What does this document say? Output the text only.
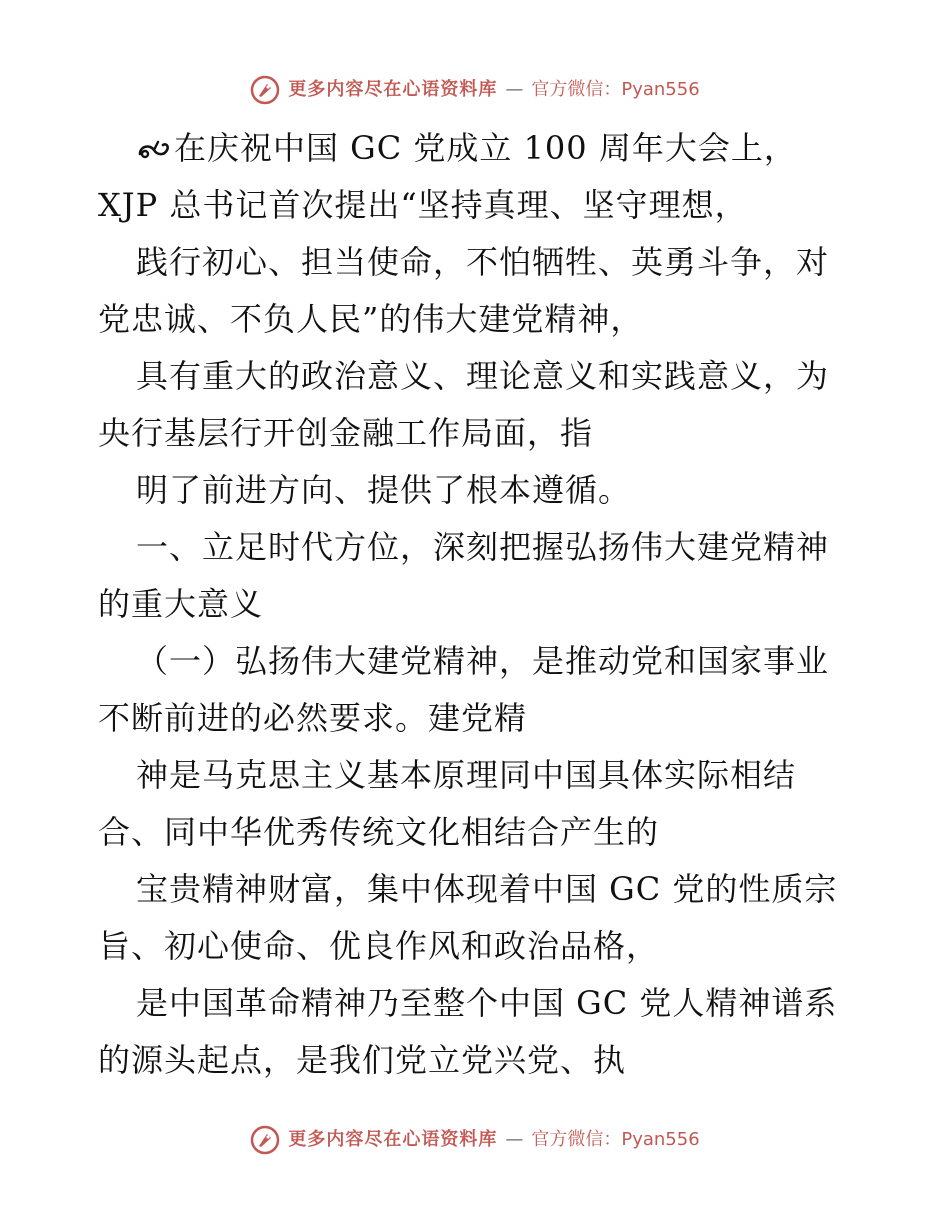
更多内容尽在心语资料库 — 官方微信：Pyan556
在庆祝中国 GC 党成立 100 周年大会上，
XJP 总书记首次提出“坚持真理、坚守理想，
践行初心、担当使命，不怕牺牲、英勇斗争，对
党忠诚、不负人民”的伟大建党精神，
具有重大的政治意义、理论意义和实践意义，为
央行基层行开创金融工作局面，指
明了前进方向、提供了根本遵循。
一、立足时代方位，深刻把握弘扬伟大建党精神
的重大意义
（一）弘扬伟大建党精神，是推动党和国家事业
不断前进的必然要求。建党精
神是马克思主义基本原理同中国具体实际相结
合、同中华优秀传统文化相结合产生的
宝贵精神财富，集中体现着中国 GC 党的性质宗
旨、初心使命、优良作风和政治品格，
是中国革命精神乃至整个中国 GC 党人精神谱系
的源头起点，是我们党立党兴党、执
更多内容尽在心语资料库 — 官方微信：Pyan556
